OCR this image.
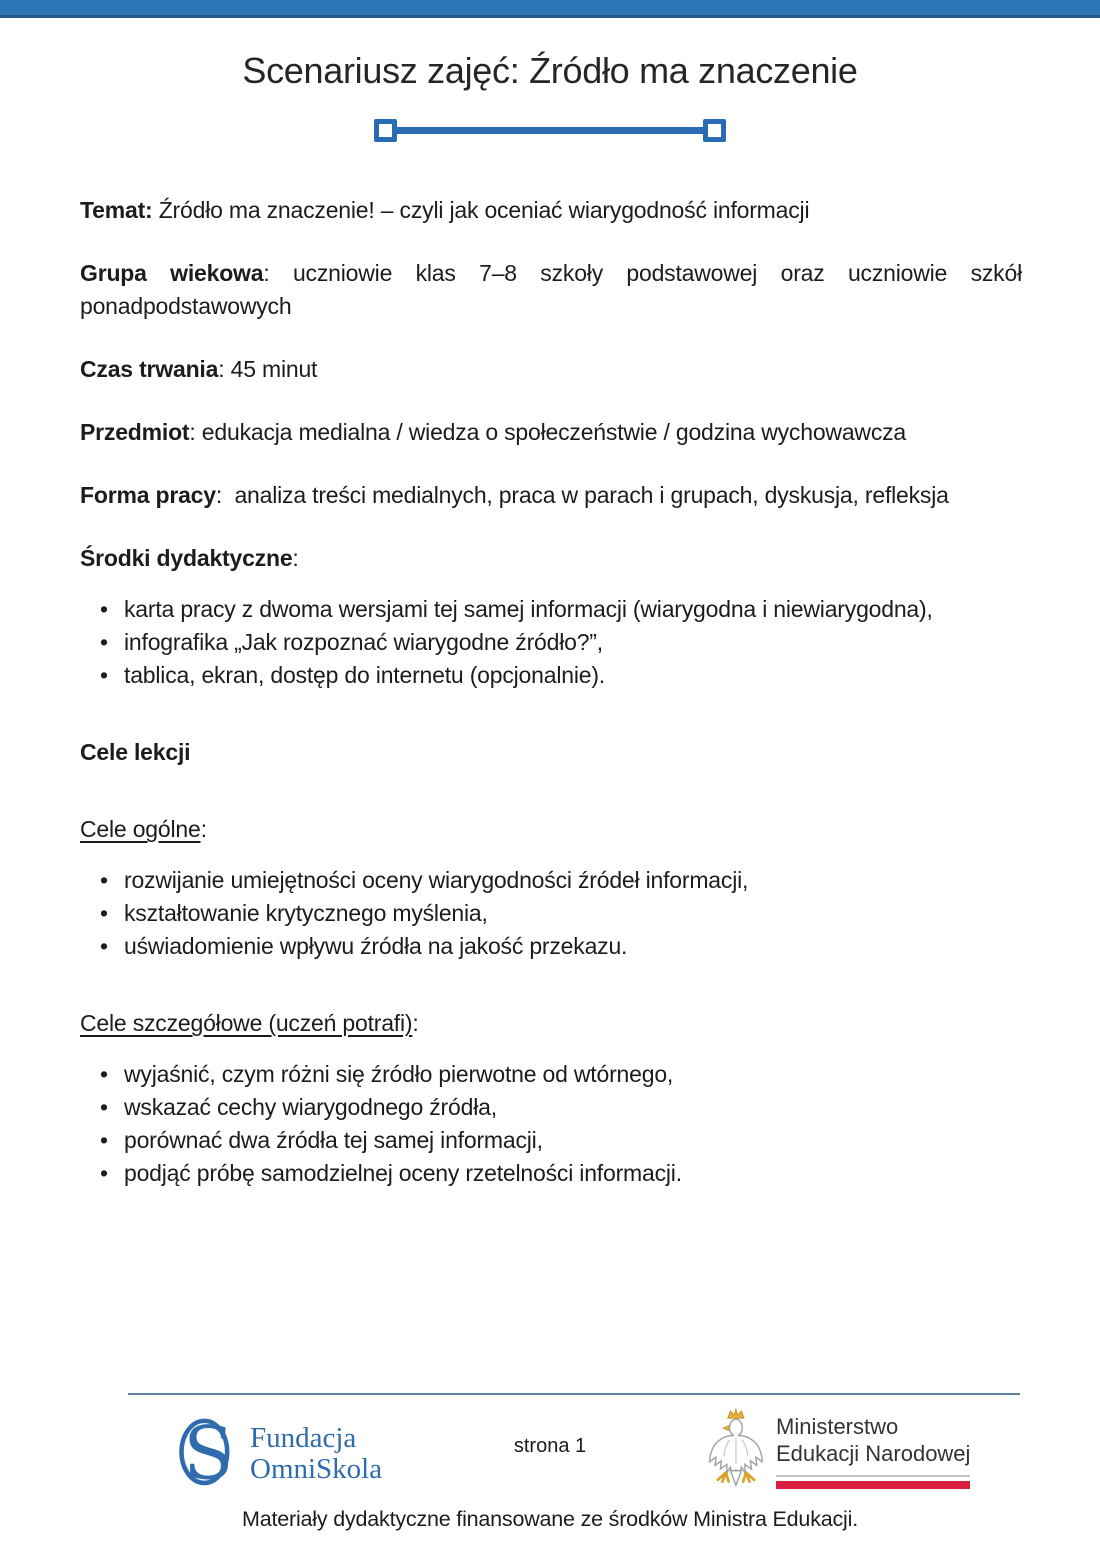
Scenariusz zajęć: Źródło ma znaczenie

Temat: Źródło ma znaczenie! – czyli jak oceniać wiarygodność informacji

Grupa wiekowa: uczniowie klas 7–8 szkoły podstawowej oraz uczniowie szkół ponadpodstawowych

Czas trwania: 45 minut

Przedmiot: edukacja medialna / wiedza o społeczeństwie / godzina wychowawcza

Forma pracy: analiza treści medialnych, praca w parach i grupach, dyskusja, refleksja

Środki dydaktyczne:

• karta pracy z dwoma wersjami tej samej informacji (wiarygodna i niewiarygodna),
• infografika „Jak rozpoznać wiarygodne źródło?”,
• tablica, ekran, dostęp do internetu (opcjonalnie).

Cele lekcji

Cele ogólne:

• rozwijanie umiejętności oceny wiarygodności źródeł informacji,
• kształtowanie krytycznego myślenia,
• uświadomienie wpływu źródła na jakość przekazu.

Cele szczegółowe (uczeń potrafi):

• wyjaśnić, czym różni się źródło pierwotne od wtórnego,
• wskazać cechy wiarygodnego źródła,
• porównać dwa źródła tej samej informacji,
• podjąć próbę samodzielnej oceny rzetelności informacji.
S Fundacja
OmniSkola
strona 1
Ministerstwo
Edukacji Narodowej
Materiały dydaktyczne finansowane ze środków Ministra Edukacji.
